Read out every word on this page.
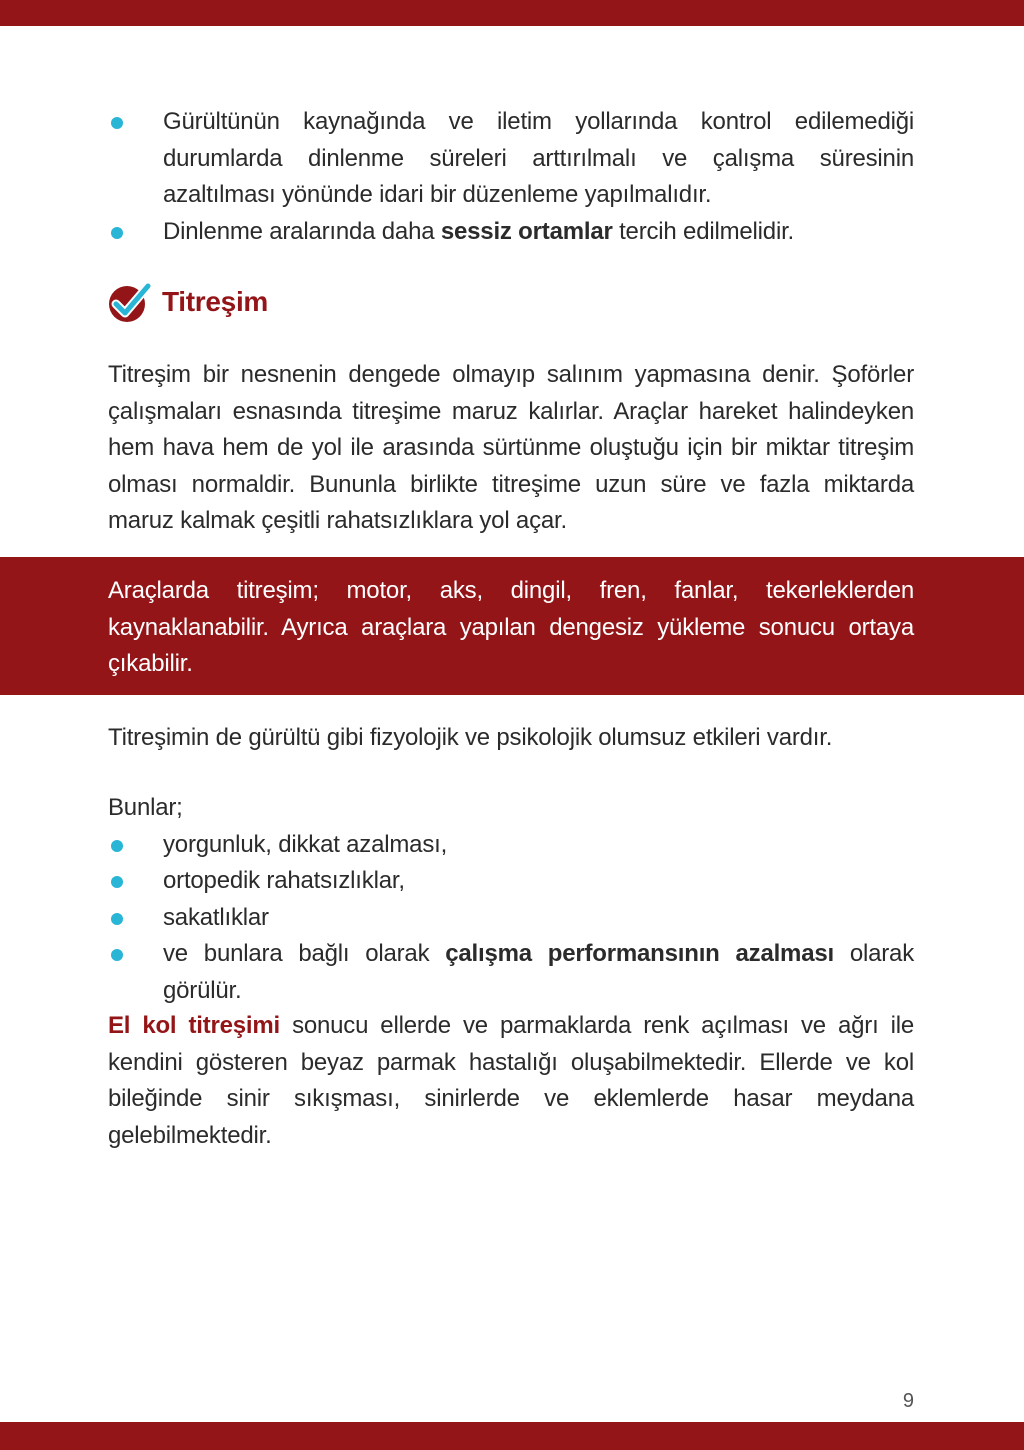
Gürültünün kaynağında ve iletim yollarında kontrol edilemediği durumlarda dinlenme süreleri arttırılmalı ve çalışma süresinin azaltılması yönünde idari bir düzenleme yapılmalıdır.
Dinlenme aralarında daha sessiz ortamlar tercih edilmelidir.
Titreşim

Titreşim bir nesnenin dengede olmayıp salınım yapmasına denir. Şoförler çalışmaları esnasında titreşime maruz kalırlar. Araçlar hareket halindeyken hem hava hem de yol ile arasında sürtünme oluştuğu için bir miktar titreşim olması normaldir. Bununla birlikte titreşime uzun süre ve fazla miktarda maruz kalmak çeşitli rahatsızlıklara yol açar.

Araçlarda titreşim; motor, aks, dingil, fren, fanlar, tekerleklerden kaynaklanabilir. Ayrıca araçlara yapılan dengesiz yükleme sonucu ortaya çıkabilir.

Titreşimin de gürültü gibi fizyolojik ve psikolojik olumsuz etkileri vardır.

Bunlar;

yorgunluk, dikkat azalması,
ortopedik rahatsızlıklar,
sakatlıklar
ve bunlara bağlı olarak çalışma performansının azalması olarak görülür.

El kol titreşimi sonucu ellerde ve parmaklarda renk açılması ve ağrı ile kendini gösteren beyaz parmak hastalığı oluşabilmektedir. Ellerde ve kol bileğinde sinir sıkışması, sinirlerde ve eklemlerde hasar meydana gelebilmektedir.

9
